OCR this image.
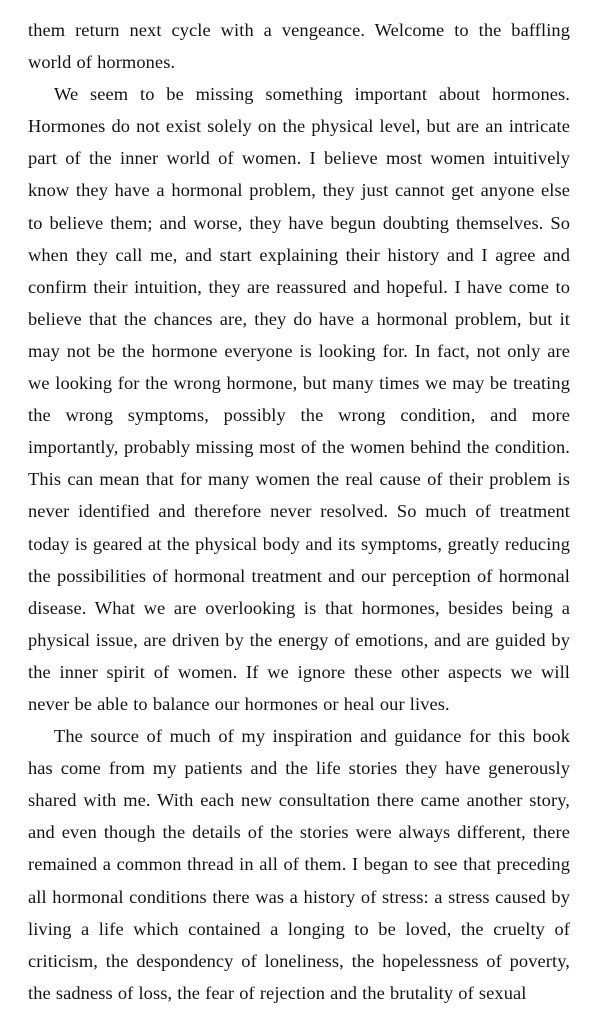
them return next cycle with a vengeance. Welcome to the baffling world of hormones.

We seem to be missing something important about hormones. Hormones do not exist solely on the physical level, but are an intricate part of the inner world of women. I believe most women intuitively know they have a hormonal problem, they just cannot get anyone else to believe them; and worse, they have begun doubting themselves. So when they call me, and start explaining their history and I agree and confirm their intuition, they are reassured and hopeful. I have come to believe that the chances are, they do have a hormonal problem, but it may not be the hormone everyone is looking for. In fact, not only are we looking for the wrong hormone, but many times we may be treating the wrong symptoms, possibly the wrong condition, and more importantly, probably missing most of the women behind the condition. This can mean that for many women the real cause of their problem is never identified and therefore never resolved. So much of treatment today is geared at the physical body and its symptoms, greatly reducing the possibilities of hormonal treatment and our perception of hormonal disease. What we are overlooking is that hormones, besides being a physical issue, are driven by the energy of emotions, and are guided by the inner spirit of women. If we ignore these other aspects we will never be able to balance our hormones or heal our lives.

The source of much of my inspiration and guidance for this book has come from my patients and the life stories they have generously shared with me. With each new consultation there came another story, and even though the details of the stories were always different, there remained a common thread in all of them. I began to see that preceding all hormonal conditions there was a history of stress: a stress caused by living a life which contained a longing to be loved, the cruelty of criticism, the despondency of loneliness, the hopelessness of poverty, the sadness of loss, the fear of rejection and the brutality of sexual
